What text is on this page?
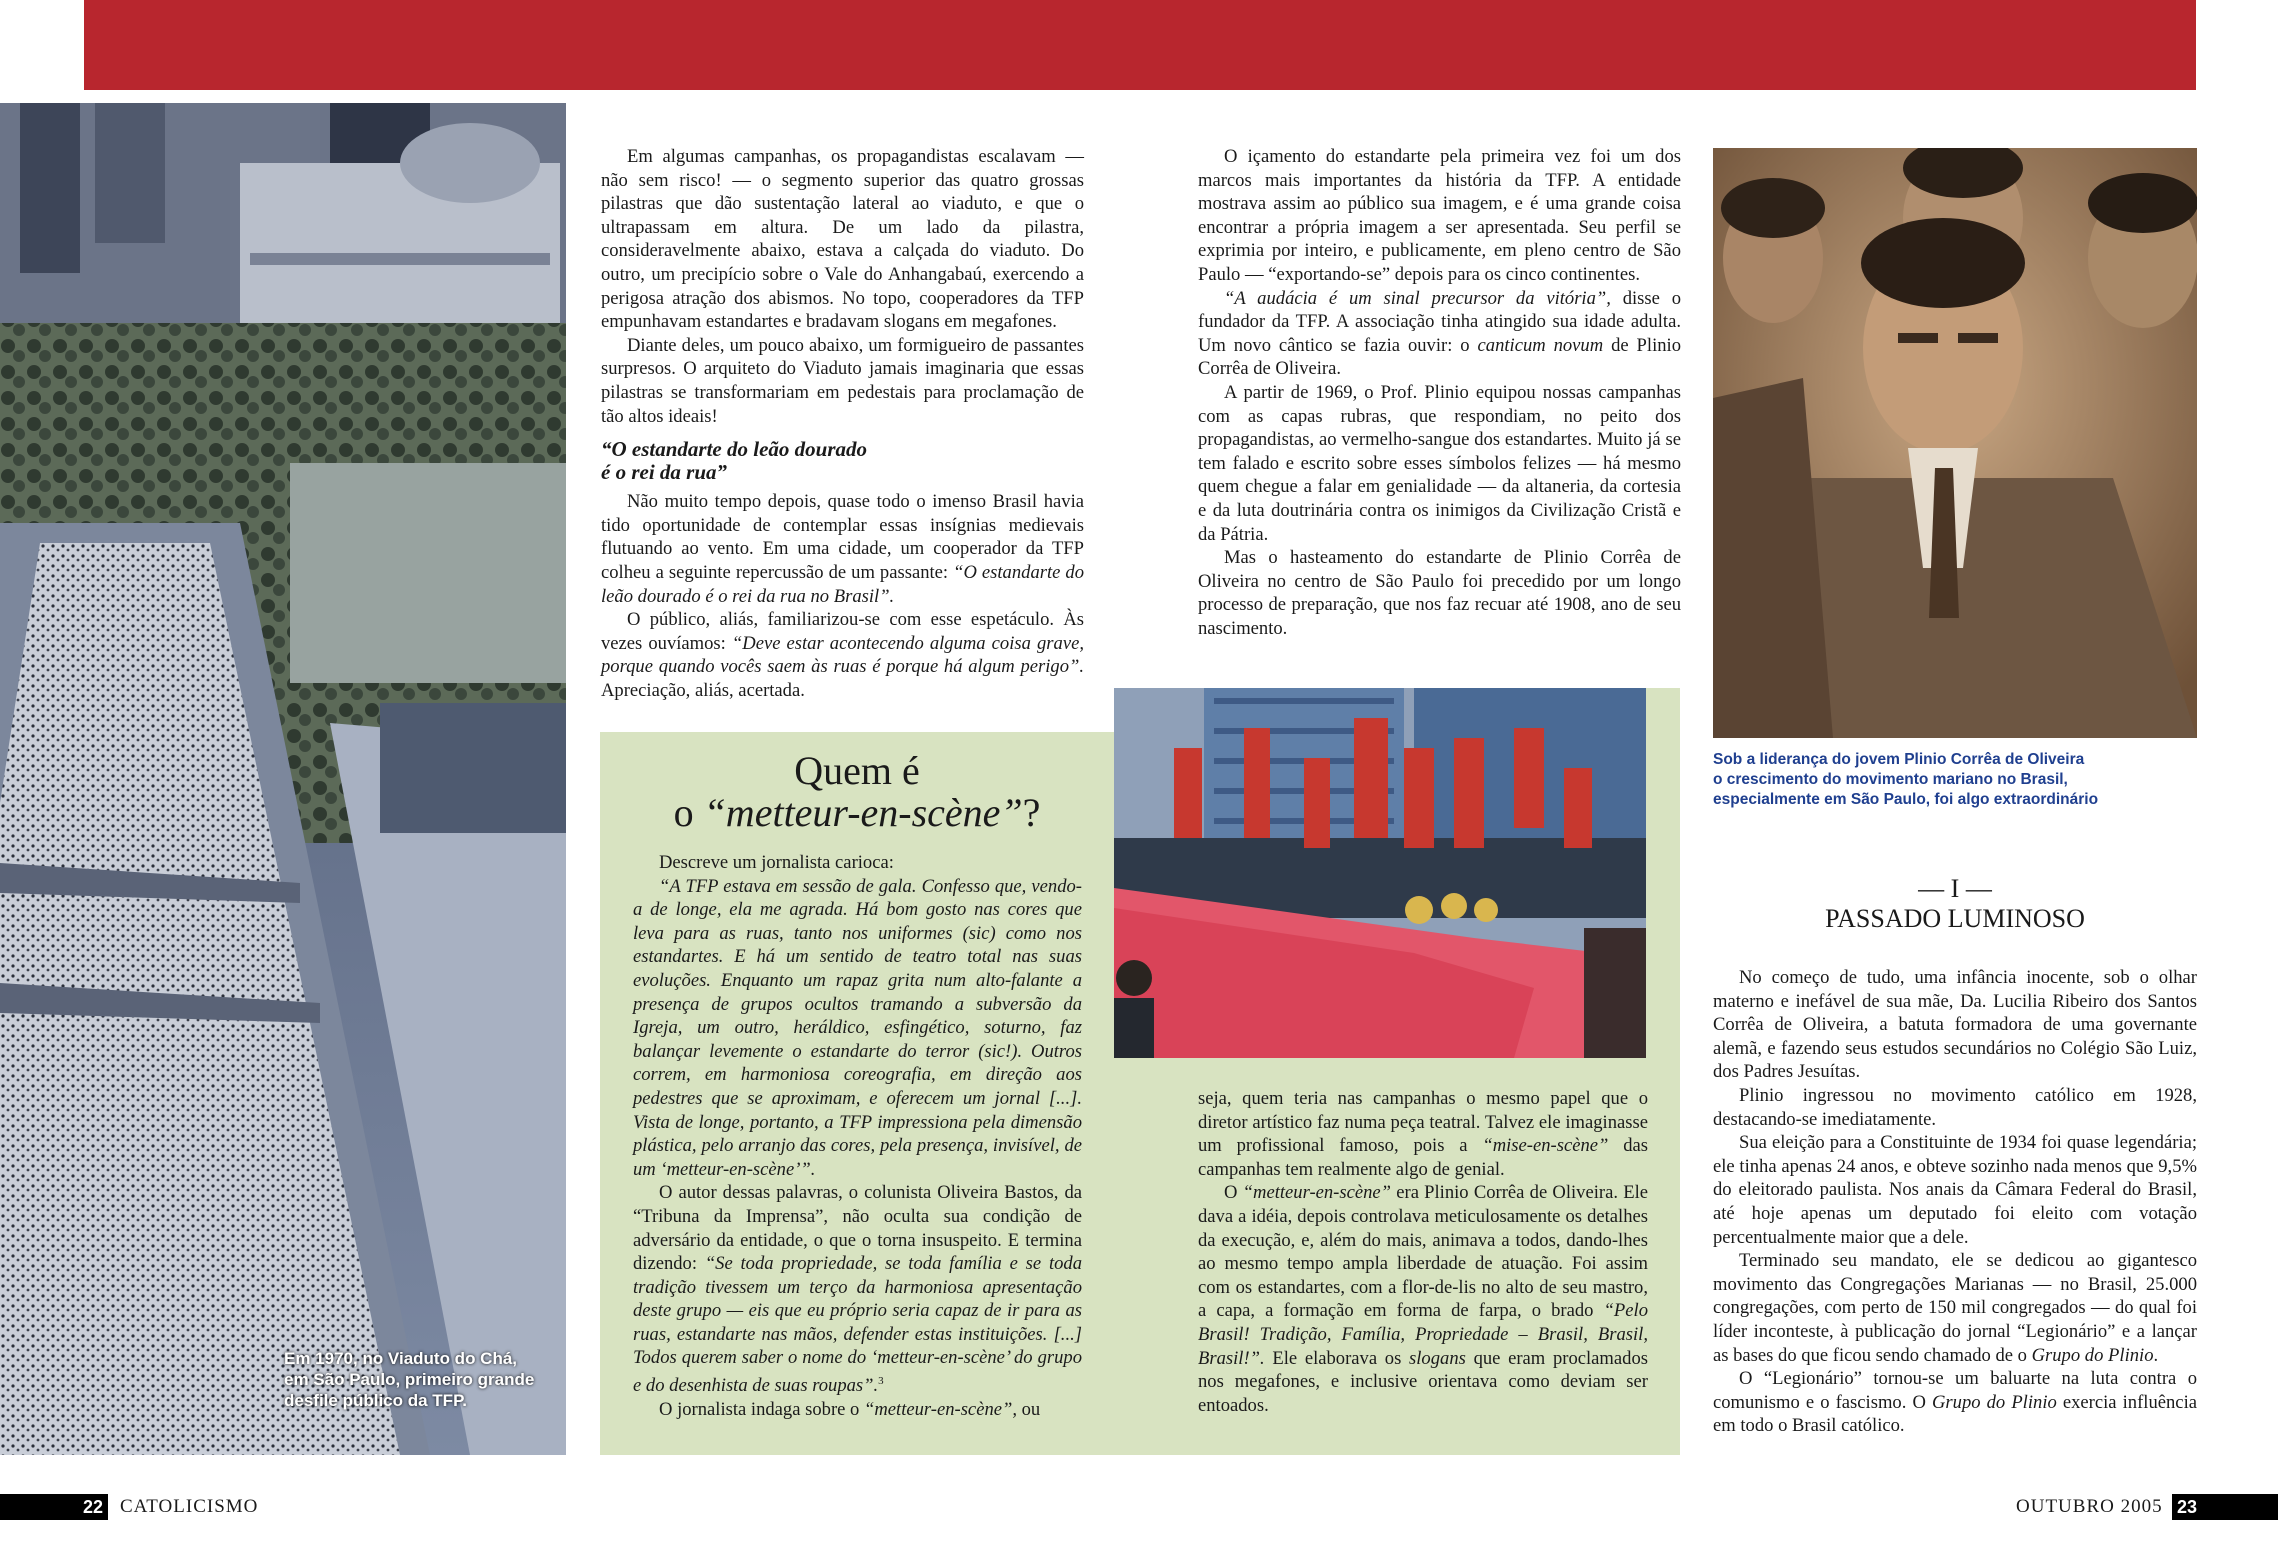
Em 1970, no Viaduto do Chá,
em São Paulo, primeiro grande
desfile público da TFP.

Em algumas campanhas, os propagandistas escalavam — não sem risco! — o segmento superior das quatro grossas pilastras que dão sustentação lateral ao viaduto, e que o ultrapassam em altura. De um lado da pilastra, consideravelmente abaixo, estava a calçada do viaduto. Do outro, um precipício sobre o Vale do Anhangabaú, exercendo a perigosa atração dos abismos. No topo, cooperadores da TFP empunhavam estandartes e bradavam slogans em megafones.

Diante deles, um pouco abaixo, um formigueiro de passantes surpresos. O arquiteto do Viaduto jamais imaginaria que essas pilastras se transformariam em pedestais para proclamação de tão altos ideais!

“O estandarte do leão dourado
é o rei da rua”

Não muito tempo depois, quase todo o imenso Brasil havia tido oportunidade de contemplar essas insígnias medievais flutuando ao vento. Em uma cidade, um cooperador da TFP colheu a seguinte repercussão de um passante: “O estandarte do leão dourado é o rei da rua no Brasil”.

O público, aliás, familiarizou-se com esse espetáculo. Às vezes ouvíamos: “Deve estar acontecendo alguma coisa grave, porque quando vocês saem às ruas é porque há algum perigo”. Apreciação, aliás, acertada.

Quem é
o “metteur-en-scène”?

Descreve um jornalista carioca:

“A TFP estava em sessão de gala. Confesso que, vendo-a de longe, ela me agrada. Há bom gosto nas cores que leva para as ruas, tanto nos uniformes (sic) como nos estandartes. E há um sentido de teatro total nas suas evoluções. Enquanto um rapaz grita num alto-falante a presença de grupos ocultos tramando a subversão da Igreja, um outro, heráldico, esfingético, soturno, faz balançar levemente o estandarte do terror (sic!). Outros correm, em harmoniosa coreografia, em direção aos pedestres que se aproximam, e oferecem um jornal [...]. Vista de longe, portanto, a TFP impressiona pela dimensão plástica, pelo arranjo das cores, pela presença, invisível, de um ‘metteur-en-scène’”.

O autor dessas palavras, o colunista Oliveira Bastos, da “Tribuna da Imprensa”, não oculta sua condição de adversário da entidade, o que o torna insuspeito. E termina dizendo: “Se toda propriedade, se toda família e se toda tradição tivessem um terço da harmoniosa apresentação deste grupo — eis que eu próprio seria capaz de ir para as ruas, estandarte nas mãos, defender estas instituições. [...] Todos querem saber o nome do ‘metteur-en-scène’ do grupo e do desenhista de suas roupas”.$^3$

O jornalista indaga sobre o “metteur-en-scène”, ou

seja, quem teria nas campanhas o mesmo papel que o diretor artístico faz numa peça teatral. Talvez ele imaginasse um profissional famoso, pois a “mise-en-scène” das campanhas tem realmente algo de genial.

O “metteur-en-scène” era Plinio Corrêa de Oliveira. Ele dava a idéia, depois controlava meticulosamente os detalhes da execução, e, além do mais, animava a todos, dando-lhes ao mesmo tempo ampla liberdade de atuação. Foi assim com os estandartes, com a flor-de-lis no alto de seu mastro, a capa, a formação em forma de farpa, o brado “Pelo Brasil! Tradição, Família, Propriedade – Brasil, Brasil, Brasil!”. Ele elaborava os slogans que eram proclamados nos megafones, e inclusive orientava como deviam ser entoados.

O içamento do estandarte pela primeira vez foi um dos marcos mais importantes da história da TFP. A entidade mostrava assim ao público sua imagem, e é uma grande coisa encontrar a própria imagem a ser apresentada. Seu perfil se exprimia por inteiro, e publicamente, em pleno centro de São Paulo — “exportando-se” depois para os cinco continentes.

“A audácia é um sinal precursor da vitória”, disse o fundador da TFP. A associação tinha atingido sua idade adulta. Um novo cântico se fazia ouvir: o canticum novum de Plinio Corrêa de Oliveira.

A partir de 1969, o Prof. Plinio equipou nossas campanhas com as capas rubras, que respondiam, no peito dos propagandistas, ao vermelho-sangue dos estandartes. Muito já se tem falado e escrito sobre esses símbolos felizes — há mesmo quem chegue a falar em genialidade — da altaneria, da cortesia e da luta doutrinária contra os inimigos da Civilização Cristã e da Pátria.

Mas o hasteamento do estandarte de Plinio Corrêa de Oliveira no centro de São Paulo foi precedido por um longo processo de preparação, que nos faz recuar até 1908, ano de seu nascimento.

Sob a liderança do jovem Plinio Corrêa de Oliveira
o crescimento do movimento mariano no Brasil,
especialmente em São Paulo, foi algo extraordinário
— I —
PASSADO LUMINOSO

No começo de tudo, uma infância inocente, sob o olhar materno e inefável de sua mãe, Da. Lucilia Ribeiro dos Santos Corrêa de Oliveira, a batuta formadora de uma governante alemã, e fazendo seus estudos secundários no Colégio São Luiz, dos Padres Jesuítas.

Plinio ingressou no movimento católico em 1928, destacando-se imediatamente.

Sua eleição para a Constituinte de 1934 foi quase legendária; ele tinha apenas 24 anos, e obteve sozinho nada menos que 9,5% do eleitorado paulista. Nos anais da Câmara Federal do Brasil, até hoje apenas um deputado foi eleito com votação percentualmente maior que a dele.

Terminado seu mandato, ele se dedicou ao gigantesco movimento das Congregações Marianas — no Brasil, 25.000 congregações, com perto de 150 mil congregados — do qual foi líder inconteste, à publicação do jornal “Legionário” e a lançar as bases do que ficou sendo chamado de o Grupo do Plinio.

O “Legionário” tornou-se um baluarte na luta contra o comunismo e o fascismo. O Grupo do Plinio exercia influência em todo o Brasil católico.

22 CATOLICISMO	OUTUBRO 2005 23
